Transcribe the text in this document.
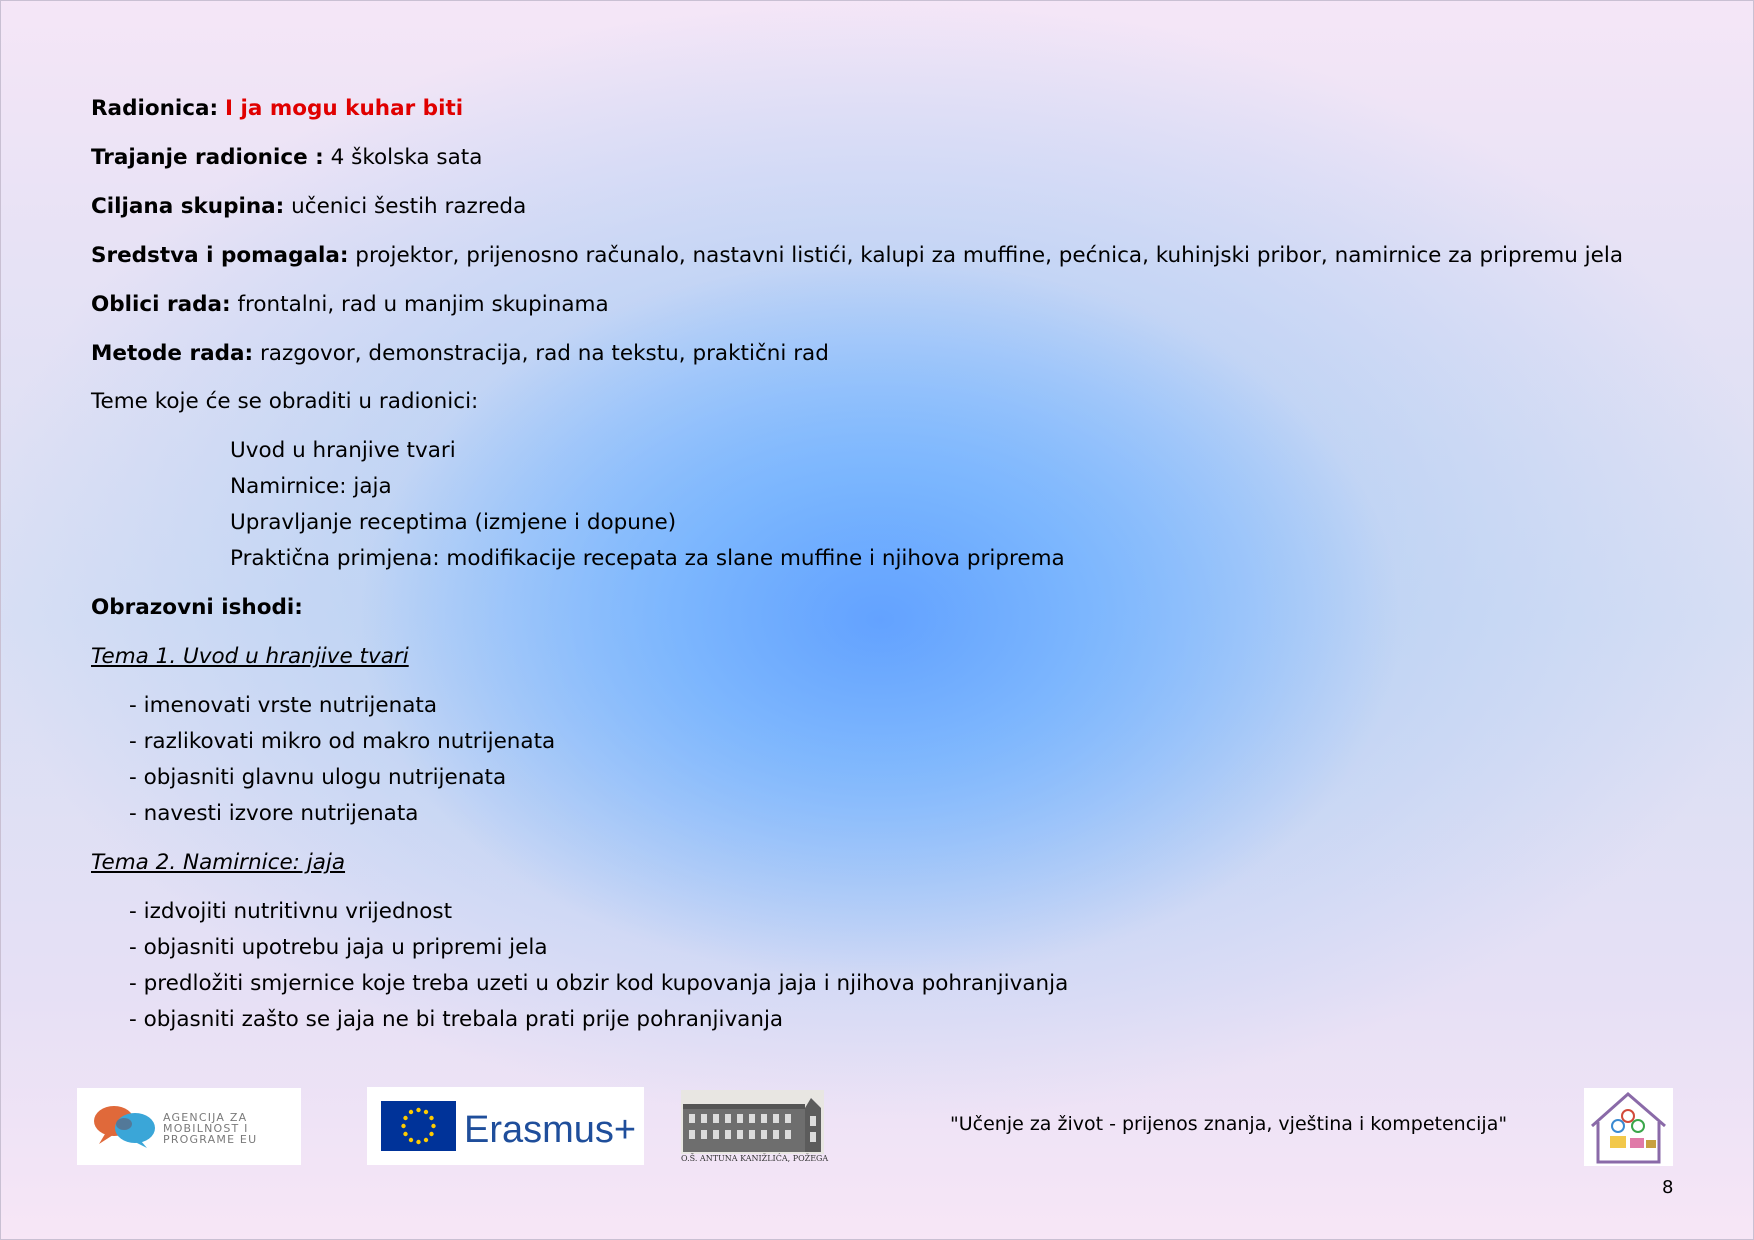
Radionica: I ja mogu kuhar biti
Trajanje radionice : 4 školska sata
Ciljana skupina: učenici šestih razreda
Sredstva i pomagala: projektor, prijenosno računalo, nastavni listići, kalupi za muffine, pećnica, kuhinjski pribor, namirnice za pripremu jela
Oblici rada: frontalni, rad u manjim skupinama
Metode rada: razgovor, demonstracija, rad na tekstu, praktični rad
Teme koje će se obraditi u radionici:
Uvod u hranjive tvari
Namirnice: jaja
Upravljanje receptima (izmjene i dopune)
Praktična primjena: modifikacije recepata za slane muffine i njihova priprema
Obrazovni ishodi:
Tema 1. Uvod u hranjive tvari
- imenovati vrste nutrijenata
- razlikovati mikro od makro nutrijenata
- objasniti glavnu ulogu nutrijenata
- navesti izvore nutrijenata
Tema 2. Namirnice: jaja
- izdvojiti nutritivnu vrijednost
- objasniti upotrebu jaja u pripremi jela
- predložiti smjernice koje treba uzeti u obzir kod kupovanja jaja i njihova pohranjivanja
- objasniti zašto se jaja ne bi trebala prati prije pohranjivanja
AGENCIJA ZA
MOBILNOST I
PROGRAME EU	Erasmus+
O.Š. ANTUNA KANIŽLIĆA, POŽEGA
"Učenje za život - prijenos znanja, vještina i kompetencija"
8
